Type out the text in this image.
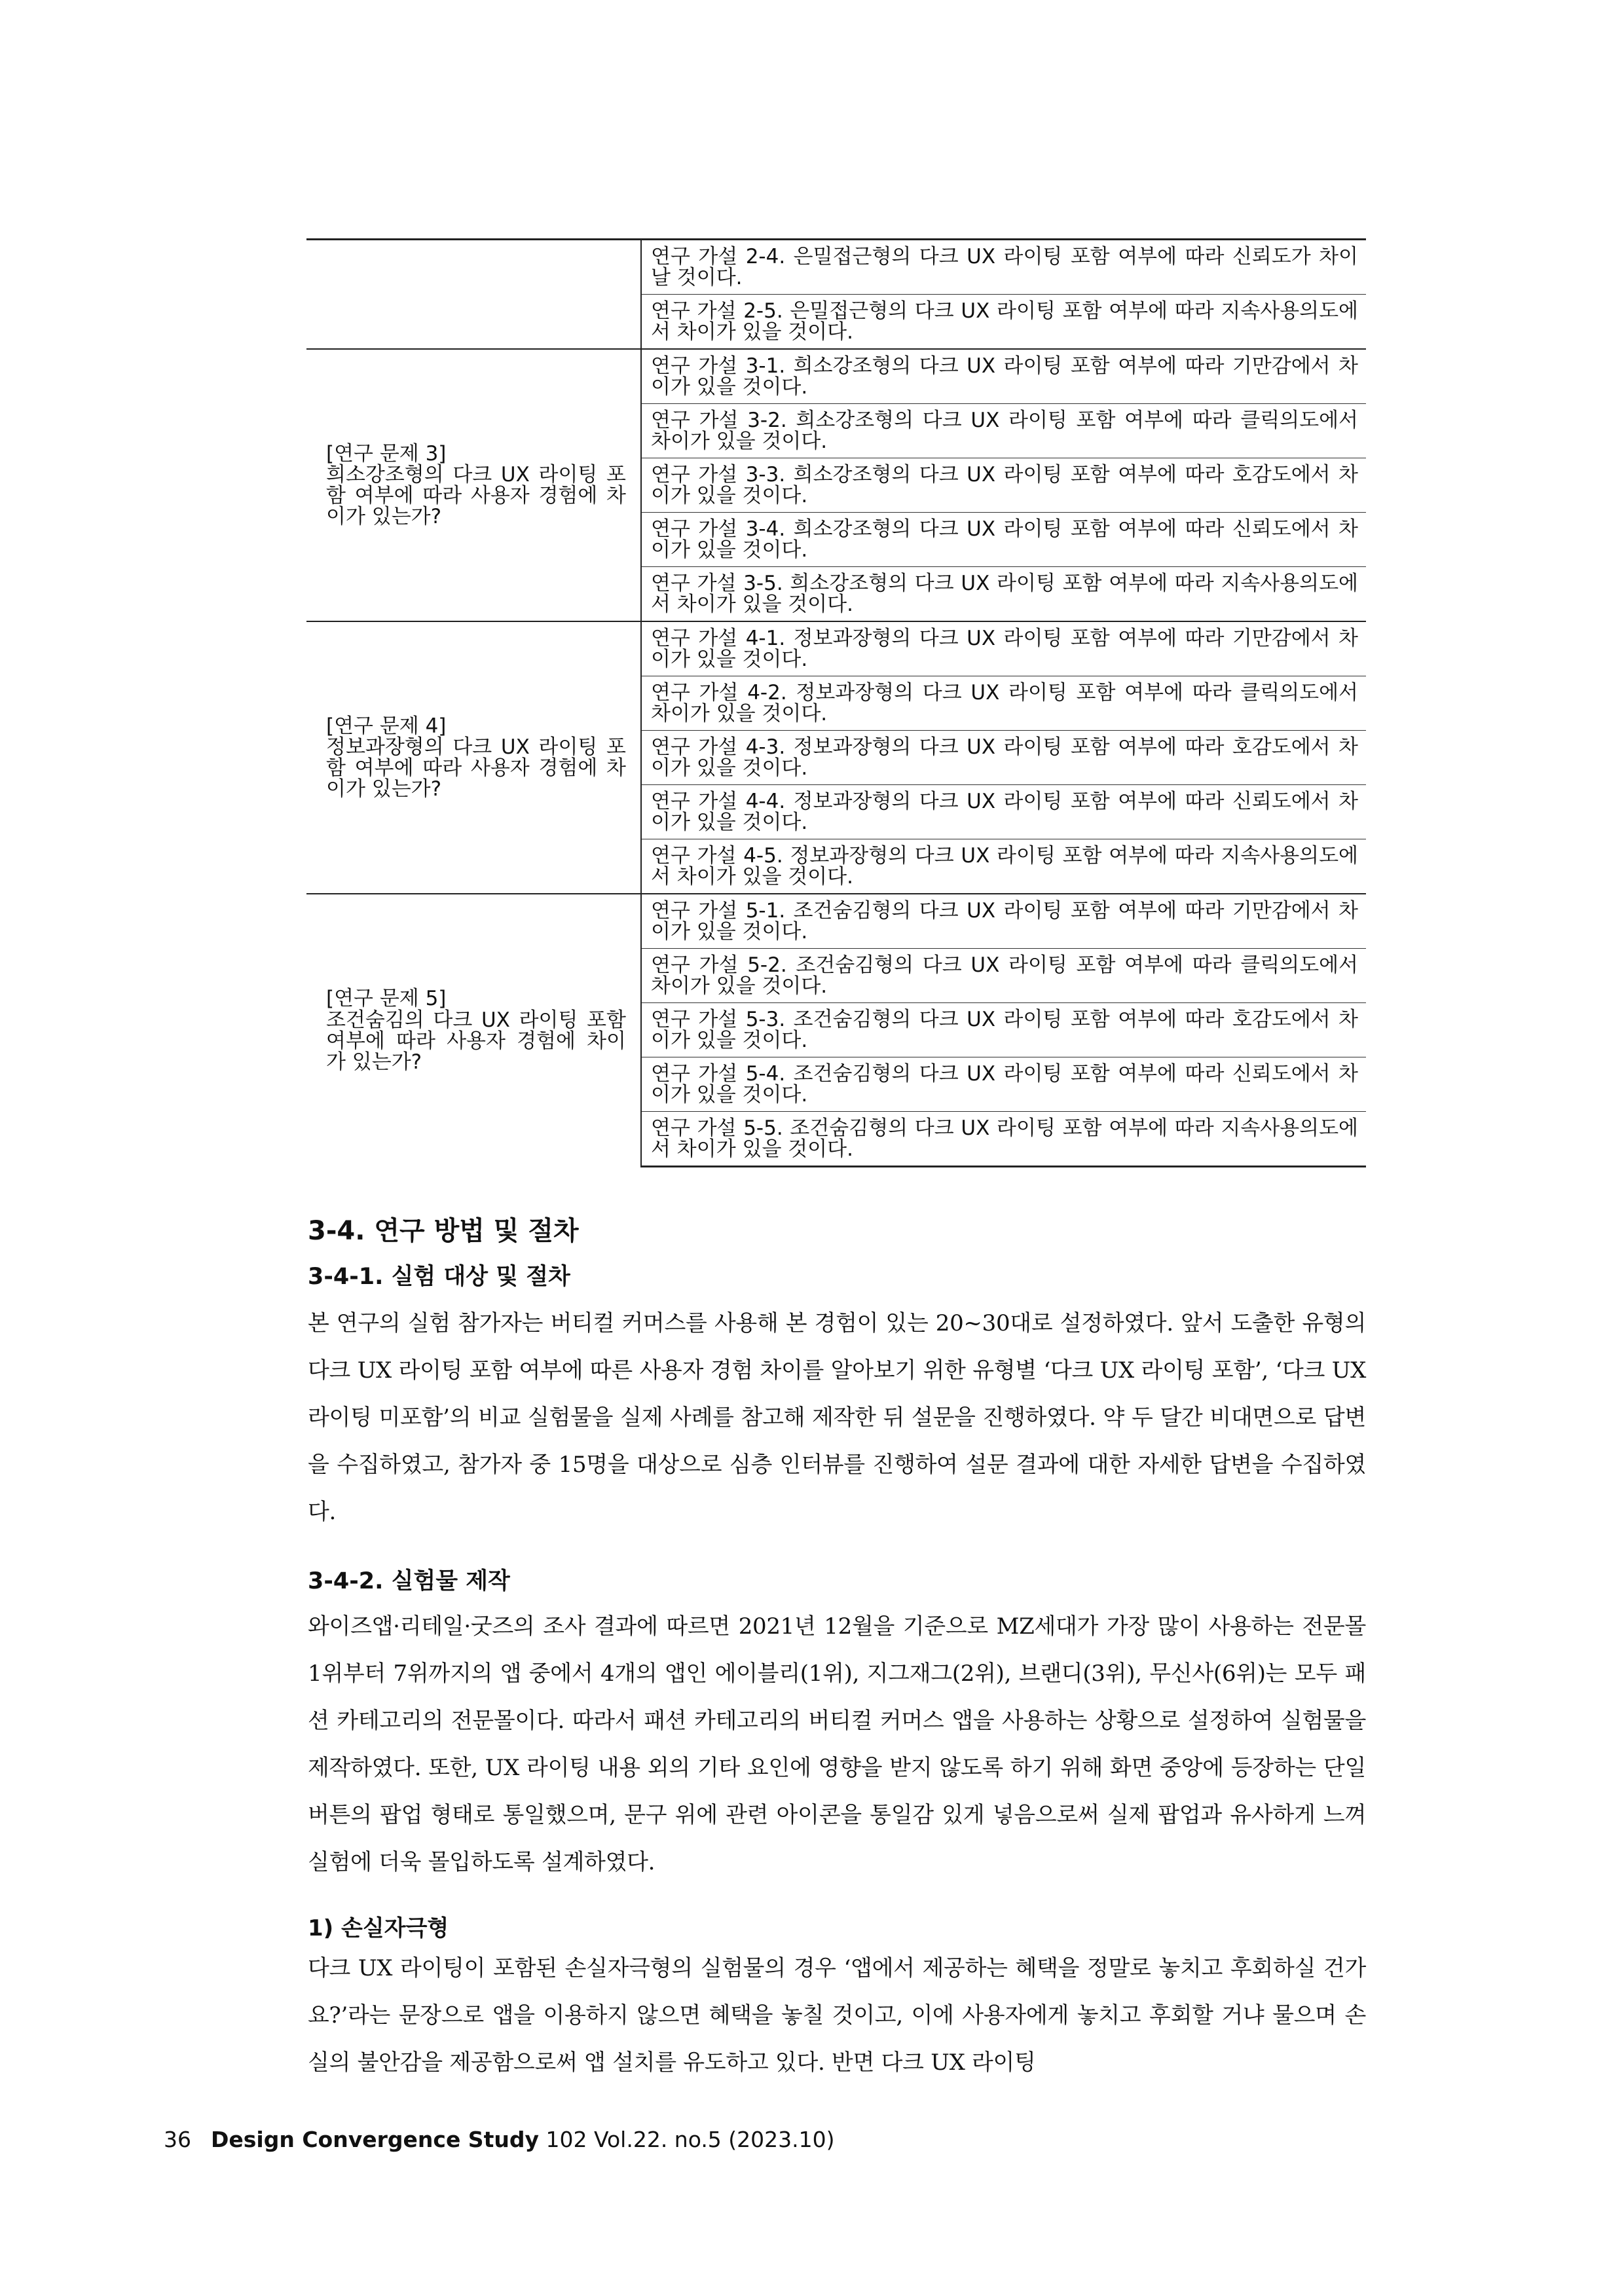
	연구 가설 2-4. 은밀접근형의 다크 UX 라이팅 포함 여부에 따라 신뢰도가 차이 날 것이다.
	연구 가설 2-5. 은밀접근형의 다크 UX 라이팅 포함 여부에 따라 지속사용의도에서 차이가 있을 것이다.
[연구 문제 3]
희소강조형의 다크 UX 라이팅 포함 여부에 따라 사용자 경험에 차이가 있는가?	연구 가설 3-1. 희소강조형의 다크 UX 라이팅 포함 여부에 따라 기만감에서 차이가 있을 것이다.
	연구 가설 3-2. 희소강조형의 다크 UX 라이팅 포함 여부에 따라 클릭의도에서 차이가 있을 것이다.
	연구 가설 3-3. 희소강조형의 다크 UX 라이팅 포함 여부에 따라 호감도에서 차이가 있을 것이다.
	연구 가설 3-4. 희소강조형의 다크 UX 라이팅 포함 여부에 따라 신뢰도에서 차이가 있을 것이다.
	연구 가설 3-5. 희소강조형의 다크 UX 라이팅 포함 여부에 따라 지속사용의도에서 차이가 있을 것이다.
[연구 문제 4]
정보과장형의 다크 UX 라이팅 포함 여부에 따라 사용자 경험에 차이가 있는가?	연구 가설 4-1. 정보과장형의 다크 UX 라이팅 포함 여부에 따라 기만감에서 차이가 있을 것이다.
	연구 가설 4-2. 정보과장형의 다크 UX 라이팅 포함 여부에 따라 클릭의도에서 차이가 있을 것이다.
	연구 가설 4-3. 정보과장형의 다크 UX 라이팅 포함 여부에 따라 호감도에서 차이가 있을 것이다.
	연구 가설 4-4. 정보과장형의 다크 UX 라이팅 포함 여부에 따라 신뢰도에서 차이가 있을 것이다.
	연구 가설 4-5. 정보과장형의 다크 UX 라이팅 포함 여부에 따라 지속사용의도에서 차이가 있을 것이다.
[연구 문제 5]
조건숨김의 다크 UX 라이팅 포함 여부에 따라 사용자 경험에 차이가 있는가?	연구 가설 5-1. 조건숨김형의 다크 UX 라이팅 포함 여부에 따라 기만감에서 차이가 있을 것이다.
	연구 가설 5-2. 조건숨김형의 다크 UX 라이팅 포함 여부에 따라 클릭의도에서 차이가 있을 것이다.
	연구 가설 5-3. 조건숨김형의 다크 UX 라이팅 포함 여부에 따라 호감도에서 차이가 있을 것이다.
	연구 가설 5-4. 조건숨김형의 다크 UX 라이팅 포함 여부에 따라 신뢰도에서 차이가 있을 것이다.
	연구 가설 5-5. 조건숨김형의 다크 UX 라이팅 포함 여부에 따라 지속사용의도에서 차이가 있을 것이다.
3-4. 연구 방법 및 절차
3-4-1. 실험 대상 및 절차
본 연구의 실험 참가자는 버티컬 커머스를 사용해 본 경험이 있는 20~30대로 설정하였다. 앞서 도출한 유형의 다크 UX 라이팅 포함 여부에 따른 사용자 경험 차이를 알아보기 위한 유형별 ‘다크 UX 라이팅 포함’, ‘다크 UX 라이팅 미포함’의 비교 실험물을 실제 사례를 참고해 제작한 뒤 설문을 진행하였다. 약 두 달간 비대면으로 답변을 수집하였고, 참가자 중 15명을 대상으로 심층 인터뷰를 진행하여 설문 결과에 대한 자세한 답변을 수집하였다.
3-4-2. 실험물 제작
와이즈앱·리테일·굿즈의 조사 결과에 따르면 2021년 12월을 기준으로 MZ세대가 가장 많이 사용하는 전문몰 1위부터 7위까지의 앱 중에서 4개의 앱인 에이블리(1위), 지그재그(2위), 브랜디(3위), 무신사(6위)는 모두 패션 카테고리의 전문몰이다. 따라서 패션 카테고리의 버티컬 커머스 앱을 사용하는 상황으로 설정하여 실험물을 제작하였다. 또한, UX 라이팅 내용 외의 기타 요인에 영향을 받지 않도록 하기 위해 화면 중앙에 등장하는 단일 버튼의 팝업 형태로 통일했으며, 문구 위에 관련 아이콘을 통일감 있게 넣음으로써 실제 팝업과 유사하게 느껴 실험에 더욱 몰입하도록 설계하였다.
1) 손실자극형
다크 UX 라이팅이 포함된 손실자극형의 실험물의 경우 ‘앱에서 제공하는 혜택을 정말로 놓치고 후회하실 건가요?’라는 문장으로 앱을 이용하지 않으면 혜택을 놓칠 것이고, 이에 사용자에게 놓치고 후회할 거냐 물으며 손실의 불안감을 제공함으로써 앱 설치를 유도하고 있다. 반면 다크 UX 라이팅
36 Design Convergence Study 102 Vol.22. no.5 (2023.10)
